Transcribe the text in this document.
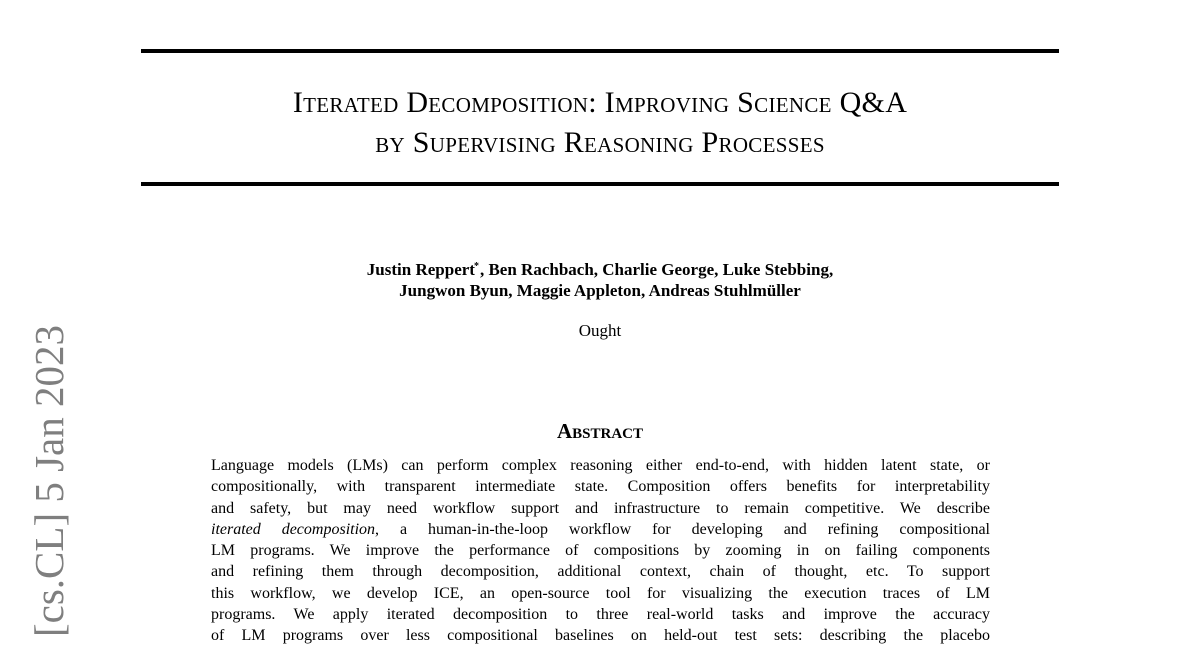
Iterated Decomposition: Improving Science Q&A
by Supervising Reasoning Processes
Justin Reppert*, Ben Rachbach, Charlie George, Luke Stebbing,
Jungwon Byun, Maggie Appleton, Andreas Stuhlmüller
Ought
Abstract
Language models (LMs) can perform complex reasoning either end-to-end, with hidden latent state, or
compositionally, with transparent intermediate state. Composition offers benefits for interpretability
and safety, but may need workflow support and infrastructure to remain competitive. We describe
iterated decomposition, a human-in-the-loop workflow for developing and refining compositional
LM programs. We improve the performance of compositions by zooming in on failing components
and refining them through decomposition, additional context, chain of thought, etc. To support
this workflow, we develop ICE, an open-source tool for visualizing the execution traces of LM
programs. We apply iterated decomposition to three real-world tasks and improve the accuracy
of LM programs over less compositional baselines on held-out test sets: describing the placebo
[cs.CL] 5 Jan 2023
